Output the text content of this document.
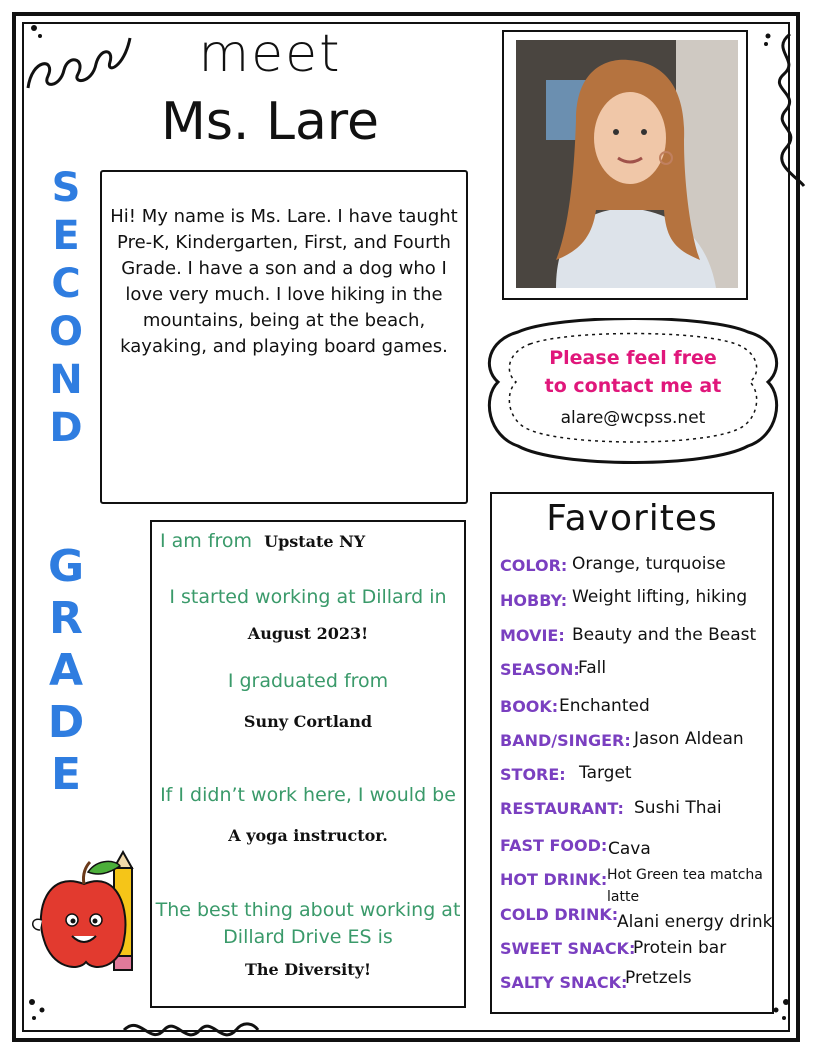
meet
Ms. Lare
S
E
C
O
N
D
G
R
A
D
E
Hi! My name is Ms. Lare. I have taught Pre-K, Kindergarten, First, and Fourth Grade. I have a son and a dog who I love very much. I love hiking in the mountains, being at the beach, kayaking, and playing board games.
Please feel free
to contact me at
alare@wcpss.net
I am from Upstate NY
I started working at Dillard in
August 2023!
I graduated from
Suny Cortland
If I didn’t work here, I would be
A yoga instructor.
The best thing about working at
Dillard Drive ES is
The Diversity!
Favorites
COLOR: Orange, turquoise
HOBBY: Weight lifting, hiking
MOVIE: Beauty and the Beast
SEASON:
Fall
BOOK: Enchanted
BAND/SINGER: Jason Aldean
STORE: Target
RESTAURANT: Sushi Thai
FAST FOOD: Cava
HOT DRINK: Hot Green tea matcha latte
COLD DRINK:
Alani energy drink
SWEET SNACK:
Protein bar
SALTY SNACK:
Pretzels
